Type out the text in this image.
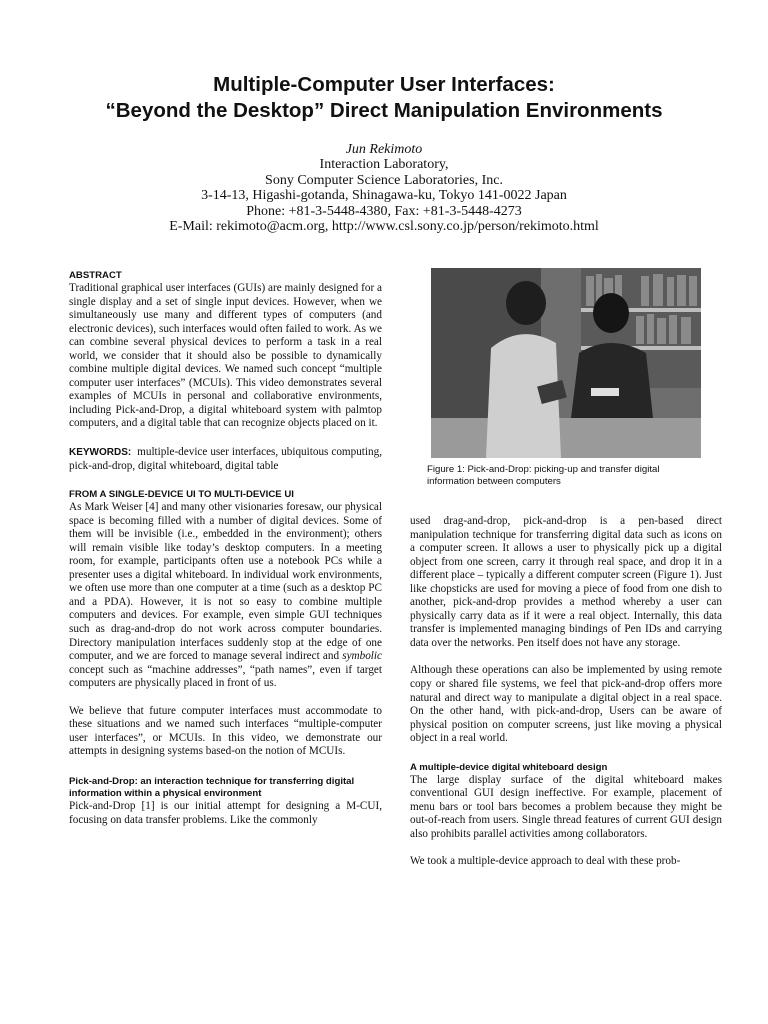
Multiple-Computer User Interfaces:
“Beyond the Desktop” Direct Manipulation Environments
Jun Rekimoto
Interaction Laboratory,
Sony Computer Science Laboratories, Inc.
3-14-13, Higashi-gotanda, Shinagawa-ku, Tokyo 141-0022 Japan
Phone: +81-3-5448-4380, Fax: +81-3-5448-4273
E-Mail: rekimoto@acm.org, http://www.csl.sony.co.jp/person/rekimoto.html
ABSTRACT

Traditional graphical user interfaces (GUIs) are mainly designed for a single display and a set of single input devices. However, when we simultaneously use many and different types of computers (and electronic devices), such interfaces would often failed to work. As we can combine several physical devices to perform a task in a real world, we consider that it should also be possible to dynamically combine multiple digital devices. We named such concept “multiple computer user interfaces” (MCUIs). This video demonstrates several examples of MCUIs in personal and collaborative environments, including Pick-and-Drop, a digital whiteboard system with palmtop computers, and a digital table that can recognize objects placed on it.

KEYWORDS: multiple-device user interfaces, ubiquitous computing, pick-and-drop, digital whiteboard, digital table

FROM A SINGLE-DEVICE UI TO MULTI-DEVICE UI

As Mark Weiser [4] and many other visionaries foresaw, our physical space is becoming filled with a number of digital devices. Some of them will be invisible (i.e., embedded in the environment); others will remain visible like today’s desktop computers. In a meeting room, for example, participants often use a notebook PCs while a presenter uses a digital whiteboard. In individual work environments, we often use more than one computer at a time (such as a desktop PC and a PDA). However, it is not so easy to combine multiple computers and devices. For example, even simple GUI techniques such as drag-and-drop do not work across computer boundaries. Directory manipulation interfaces suddenly stop at the edge of one computer, and we are forced to manage several indirect and symbolic concept such as “machine addresses”, “path names”, even if target computers are physically placed in front of us.

We believe that future computer interfaces must accommodate to these situations and we named such interfaces “multiple-computer user interfaces”, or MCUIs. In this video, we demonstrate our attempts in designing systems based-on the notion of MCUIs.

Pick-and-Drop: an interaction technique for transferring digital information within a physical environment

Pick-and-Drop [1] is our initial attempt for designing a M-CUI, focusing on data transfer problems. Like the commonly

Figure 1: Pick-and-Drop: picking-up and transfer digital information between computers

used drag-and-drop, pick-and-drop is a pen-based direct manipulation technique for transferring digital data such as icons on a computer screen. It allows a user to physically pick up a digital object from one screen, carry it through real space, and drop it in a different place – typically a different computer screen (Figure 1). Just like chopsticks are used for moving a piece of food from one dish to another, pick-and-drop provides a method whereby a user can physically carry data as if it were a real object. Internally, this data transfer is implemented managing bindings of Pen IDs and carrying data over the networks. Pen itself does not have any storage.

Although these operations can also be implemented by using remote copy or shared file systems, we feel that pick-and-drop offers more natural and direct way to manipulate a digital object in a real space. On the other hand, with pick-and-drop, Users can be aware of physical position on computer screens, just like moving a physical object in a real world.

A multiple-device digital whiteboard design

The large display surface of the digital whiteboard makes conventional GUI design ineffective. For example, placement of menu bars or tool bars becomes a problem because they might be out-of-reach from users. Single thread features of current GUI design also prohibits parallel activities among collaborators.

We took a multiple-device approach to deal with these prob-
